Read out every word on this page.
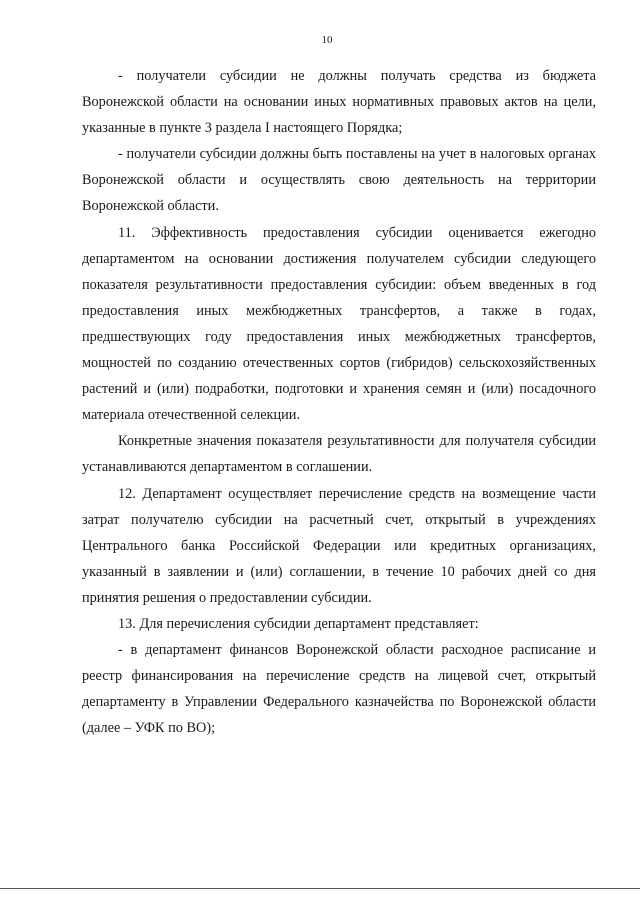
10

- получатели субсидии не должны получать средства из бюджета Воронежской области на основании иных нормативных правовых актов на цели, указанные в пункте 3 раздела I настоящего Порядка;

- получатели субсидии должны быть поставлены на учет в налоговых органах Воронежской области и осуществлять свою деятельность на территории Воронежской области.

11. Эффективность предоставления субсидии оценивается ежегодно департаментом на основании достижения получателем субсидии следующего показателя результативности предоставления субсидии: объем введенных в год предоставления иных межбюджетных трансфертов, а также в годах, предшествующих году предоставления иных межбюджетных трансфертов, мощностей по созданию отечественных сортов (гибридов) сельскохозяйственных растений и (или) подработки, подготовки и хранения семян и (или) посадочного материала отечественной селекции.

Конкретные значения показателя результативности для получателя субсидии устанавливаются департаментом в соглашении.

12. Департамент осуществляет перечисление средств на возмещение части затрат получателю субсидии на расчетный счет, открытый в учреждениях Центрального банка Российской Федерации или кредитных организациях, указанный в заявлении и (или) соглашении, в течение 10 рабочих дней со дня принятия решения о предоставлении субсидии.

13. Для перечисления субсидии департамент представляет:

- в департамент финансов Воронежской области расходное расписание и реестр финансирования на перечисление средств на лицевой счет, открытый департаменту в Управлении Федерального казначейства по Воронежской области (далее – УФК по ВО);
